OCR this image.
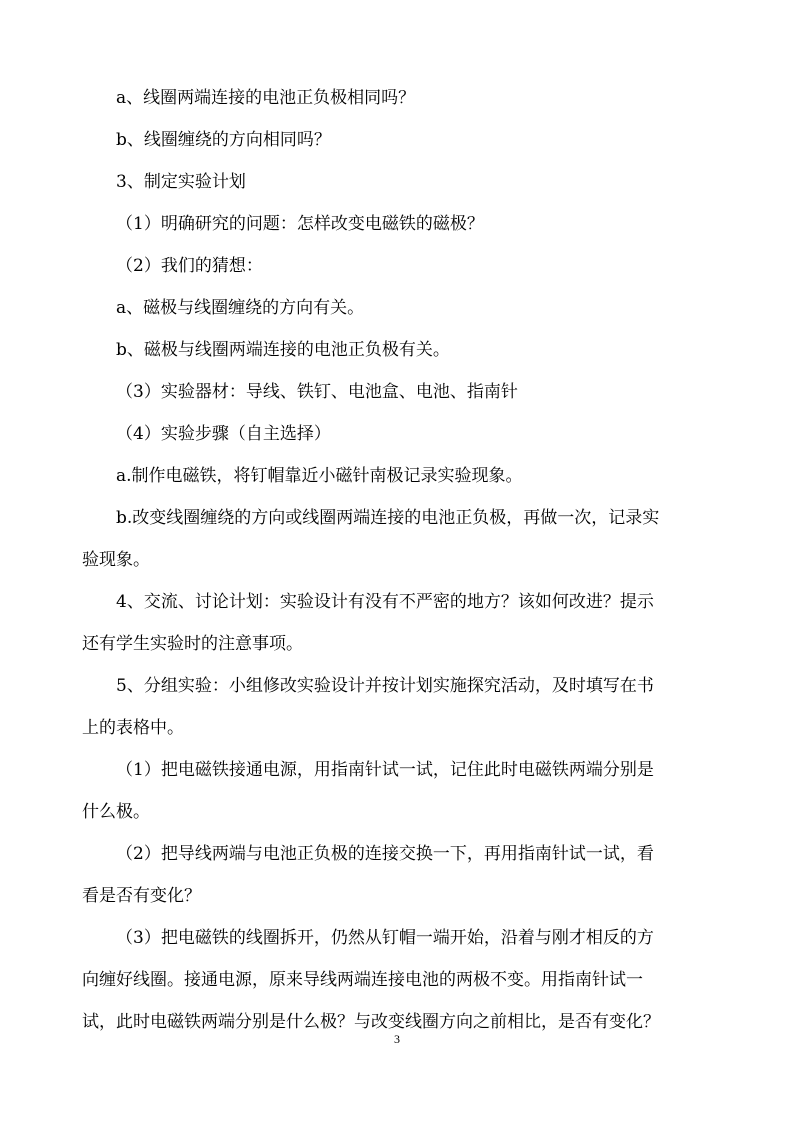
a、线圈两端连接的电池正负极相同吗？
b、线圈缠绕的方向相同吗？
3、制定实验计划
（1）明确研究的问题：怎样改变电磁铁的磁极？
（2）我们的猜想：
a、磁极与线圈缠绕的方向有关。
b、磁极与线圈两端连接的电池正负极有关。
（3）实验器材：导线、铁钉、电池盒、电池、指南针
（4）实验步骤（自主选择）
a.制作电磁铁，将钉帽靠近小磁针南极记录实验现象。
b.改变线圈缠绕的方向或线圈两端连接的电池正负极，再做一次，记录实
验现象。
4、交流、讨论计划：实验设计有没有不严密的地方？该如何改进？提示
还有学生实验时的注意事项。
5、分组实验：小组修改实验设计并按计划实施探究活动，及时填写在书
上的表格中。
（1）把电磁铁接通电源，用指南针试一试，记住此时电磁铁两端分别是
什么极。
（2）把导线两端与电池正负极的连接交换一下，再用指南针试一试，看
看是否有变化？
（3）把电磁铁的线圈拆开，仍然从钉帽一端开始，沿着与刚才相反的方
向缠好线圈。接通电源，原来导线两端连接电池的两极不变。用指南针试一
试，此时电磁铁两端分别是什么极？与改变线圈方向之前相比，是否有变化？
3
